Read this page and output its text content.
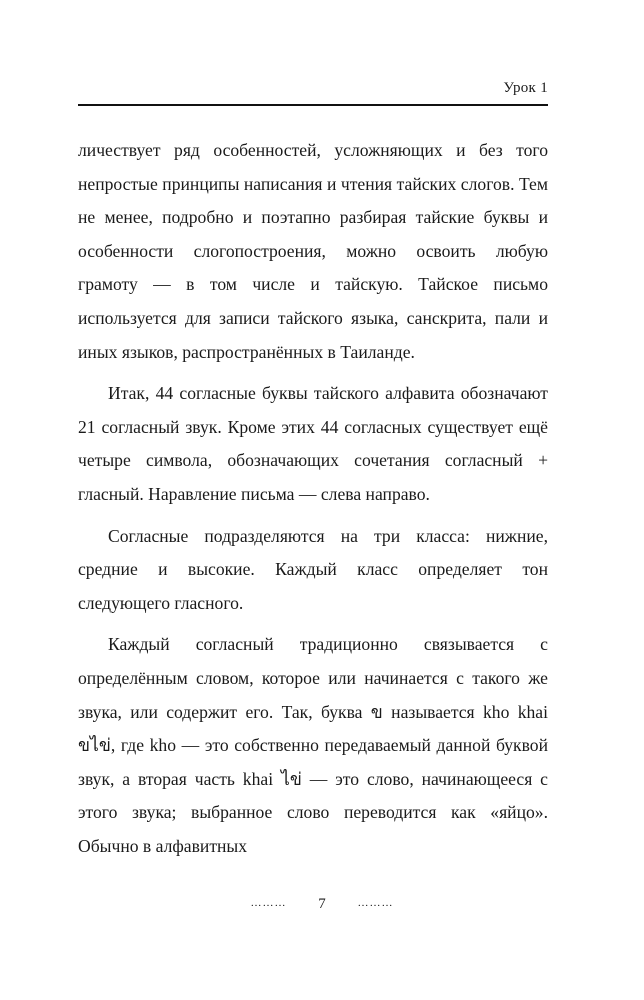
Урок 1

личествует ряд особенностей, усложняющих и без того непростые принципы написания и чтения тайских слогов. Тем не менее, подробно и поэтапно разбирая тайские буквы и особенности слогопостроения, можно освоить любую грамоту — в том числе и тайскую. Тайское письмо используется для записи тайского языка, санскрита, пали и иных языков, распространённых в Таиланде.

Итак, 44 согласные буквы тайского алфавита обозначают 21 согласный звук. Кроме этих 44 согласных существует ещё четыре символа, обозначающих сочетания согласный + гласный. Наравление письма — слева направо.

Согласные подразделяются на три класса: нижние, средние и высокие. Каждый класс определяет тон следующего гласного.

Каждый согласный традиционно связывается с определённым словом, которое или начинается с такого же звука, или содержит его. Так, буква ข называется kho khai ขไข่, где kho — это собственно передаваемый данной буквой звук, а вторая часть khai ไข่ — это слово, начинающееся с этого звука; выбранное слово переводится как «яйцо». Обычно в алфавитных

……… 7	………
